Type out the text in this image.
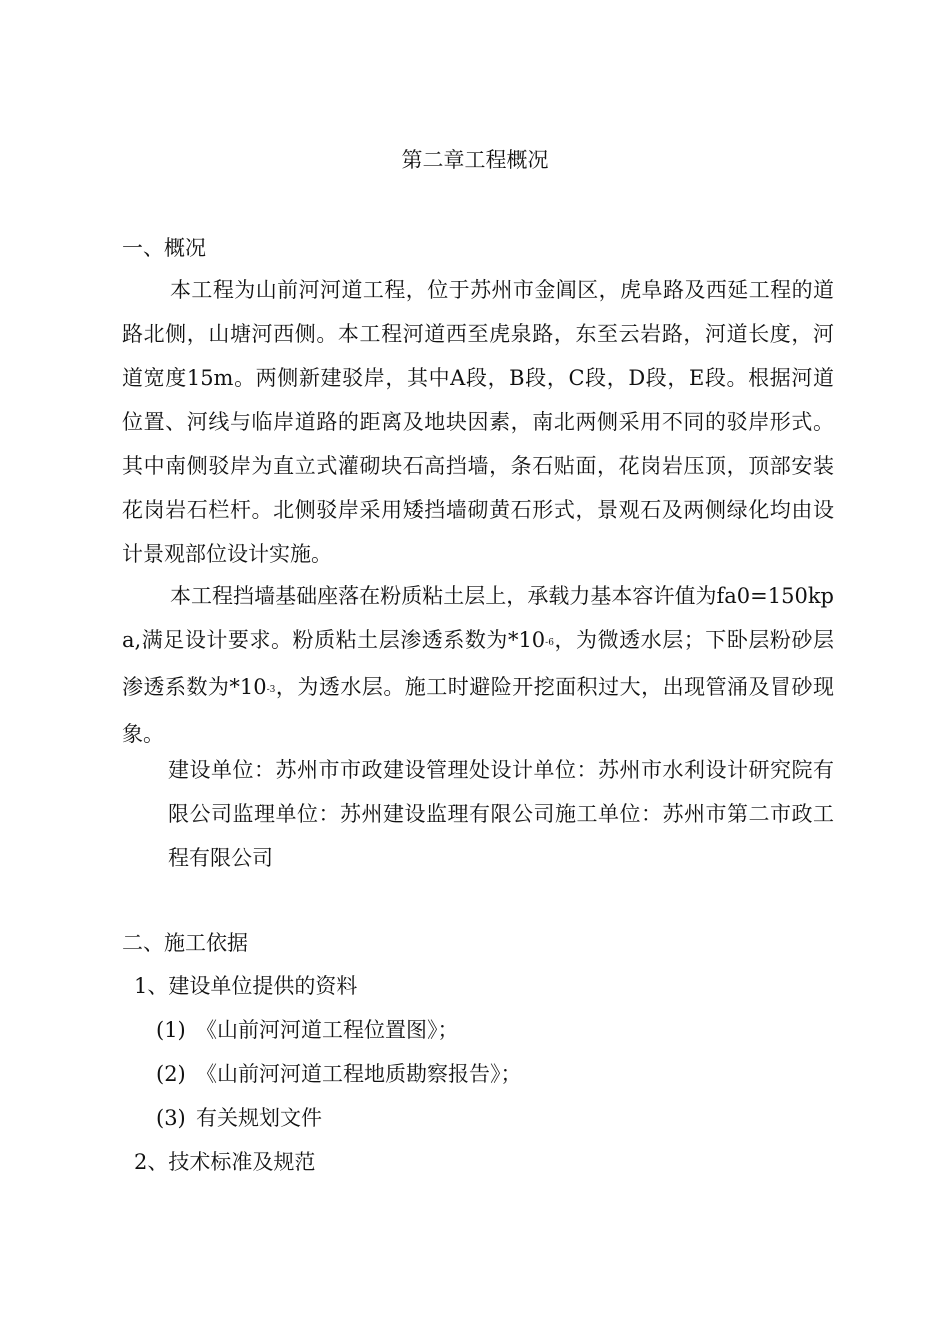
第二章工程概况
一、概况
本工程为山前河河道工程，位于苏州市金阊区，虎阜路及西延工程的道路北侧，山塘河西侧。本工程河道西至虎泉路，东至云岩路，河道长度，河道宽度15m。两侧新建驳岸，其中A段，B段，C段，D段，E段。根据河道位置、河线与临岸道路的距离及地块因素，南北两侧采用不同的驳岸形式。其中南侧驳岸为直立式灌砌块石高挡墙，条石贴面，花岗岩压顶，顶部安装花岗岩石栏杆。北侧驳岸采用矮挡墙砌黄石形式，景观石及两侧绿化均由设计景观部位设计实施。
本工程挡墙基础座落在粉质粘土层上，承载力基本容许值为fa0=150kpa,满足设计要求。粉质粘土层渗透系数为$*10^{-6}$，为微透水层；下卧层粉砂层渗透系数为$*10^{-3}$，为透水层。施工时避险开挖面积过大，出现管涌及冒砂现象。
建设单位：苏州市市政建设管理处设计单位：苏州市水利设计研究院有限公司监理单位：苏州建设监理有限公司施工单位：苏州市第二市政工程有限公司
二、施工依据
1、建设单位提供的资料
(1) 《山前河河道工程位置图》；
(2) 《山前河河道工程地质勘察报告》；
(3) 有关规划文件
2、技术标准及规范
